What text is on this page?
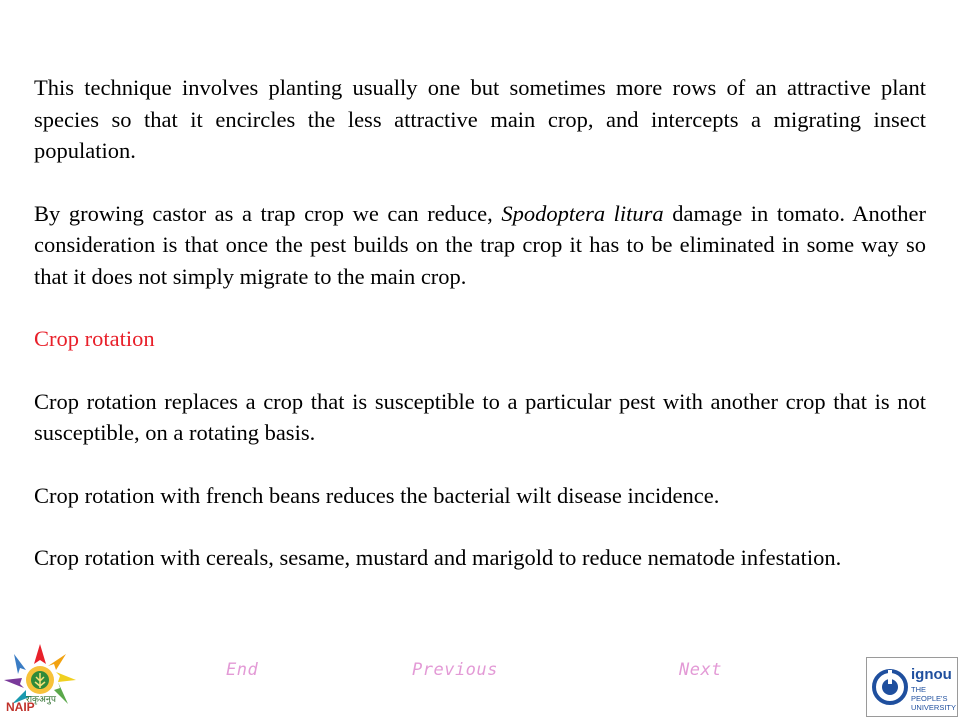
This technique involves planting usually one but sometimes more rows of an attractive plant species so that it encircles the less attractive main crop, and intercepts a migrating insect population.

By growing castor as a trap crop we can reduce, Spodoptera litura damage in tomato. Another consideration is that once the pest builds on the trap crop it has to be eliminated in some way so that it does not simply migrate to the main crop.

Crop rotation

Crop rotation replaces a crop that is susceptible to a particular pest with another crop that is not susceptible, on a rotating basis.

Crop rotation with french beans reduces the bacterial wilt disease incidence.

Crop rotation with cereals, sesame, mustard and marigold to reduce nematode infestation.

End	Previous	Next
राकृअनुप
NAIP
ignou
THE PEOPLE'S
UNIVERSITY
